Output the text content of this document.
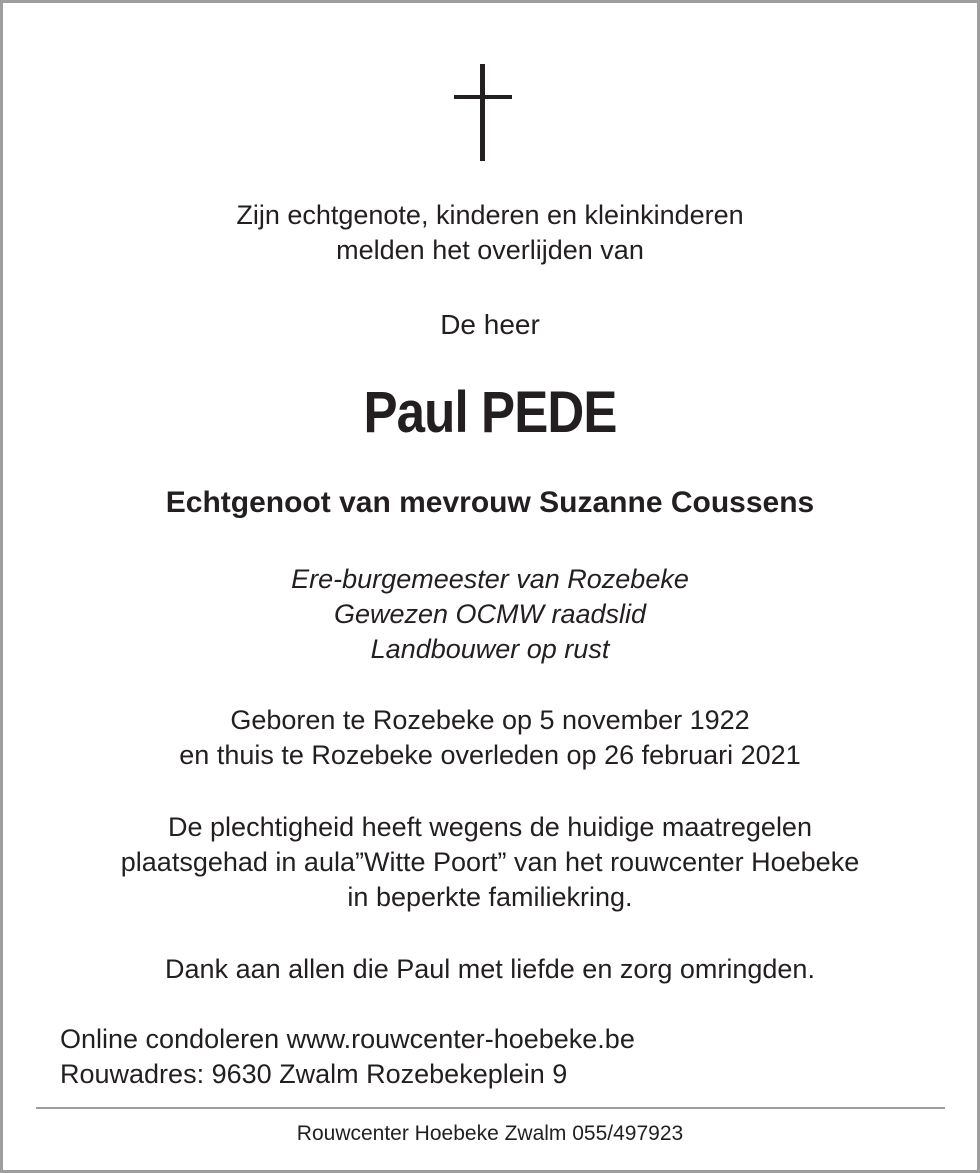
Zijn echtgenote, kinderen en kleinkinderen
melden het overlijden van
De heer
Paul PEDE
Echtgenoot van mevrouw Suzanne Coussens
Ere-burgemeester van Rozebeke
Gewezen OCMW raadslid
Landbouwer op rust
Geboren te Rozebeke op 5 november 1922
en thuis te Rozebeke overleden op 26 februari 2021
De plechtigheid heeft wegens de huidige maatregelen
plaatsgehad in aula”Witte Poort” van het rouwcenter Hoebeke
in beperkte familiekring.
Dank aan allen die Paul met liefde en zorg omringden.
Online condoleren www.rouwcenter-hoebeke.be
Rouwadres: 9630 Zwalm Rozebekeplein 9
Rouwcenter Hoebeke Zwalm 055/497923
